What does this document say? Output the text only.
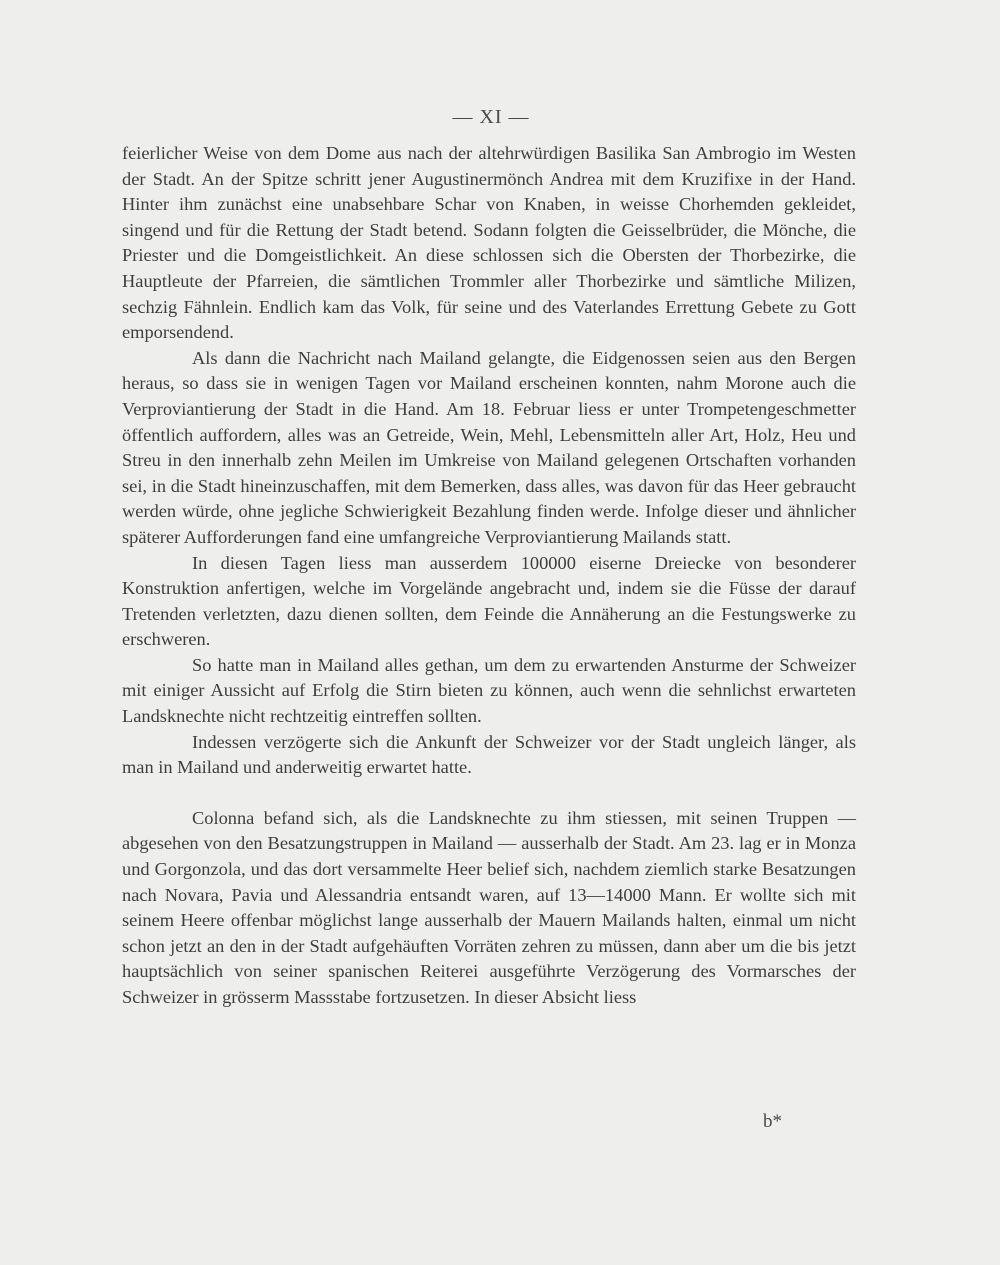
— XI —

feierlicher Weise von dem Dome aus nach der altehrwürdigen Basilika San Ambrogio im Westen der Stadt. An der Spitze schritt jener Augustinermönch Andrea mit dem Kruzifixe in der Hand. Hinter ihm zunächst eine unabsehbare Schar von Knaben, in weisse Chorhemden gekleidet, singend und für die Rettung der Stadt betend. Sodann folgten die Geisselbrüder, die Mönche, die Priester und die Domgeistlichkeit. An diese schlossen sich die Obersten der Thorbezirke, die Hauptleute der Pfarreien, die sämtlichen Trommler aller Thorbezirke und sämtliche Milizen, sechzig Fähnlein. Endlich kam das Volk, für seine und des Vaterlandes Errettung Gebete zu Gott emporsendend.

Als dann die Nachricht nach Mailand gelangte, die Eidgenossen seien aus den Bergen heraus, so dass sie in wenigen Tagen vor Mailand erscheinen konnten, nahm Morone auch die Verproviantierung der Stadt in die Hand. Am 18. Februar liess er unter Trompetengeschmetter öffentlich auffordern, alles was an Getreide, Wein, Mehl, Lebensmitteln aller Art, Holz, Heu und Streu in den innerhalb zehn Meilen im Umkreise von Mailand gelegenen Ortschaften vorhanden sei, in die Stadt hineinzuschaffen, mit dem Bemerken, dass alles, was davon für das Heer gebraucht werden würde, ohne jegliche Schwierigkeit Bezahlung finden werde. Infolge dieser und ähnlicher späterer Aufforderungen fand eine umfangreiche Verproviantierung Mailands statt.

In diesen Tagen liess man ausserdem 100000 eiserne Dreiecke von besonderer Konstruktion anfertigen, welche im Vorgelände angebracht und, indem sie die Füsse der darauf Tretenden verletzten, dazu dienen sollten, dem Feinde die Annäherung an die Festungswerke zu erschweren.

So hatte man in Mailand alles gethan, um dem zu erwartenden Ansturme der Schweizer mit einiger Aussicht auf Erfolg die Stirn bieten zu können, auch wenn die sehnlichst erwarteten Landsknechte nicht rechtzeitig eintreffen sollten.

Indessen verzögerte sich die Ankunft der Schweizer vor der Stadt ungleich länger, als man in Mailand und anderweitig erwartet hatte.

Colonna befand sich, als die Landsknechte zu ihm stiessen, mit seinen Truppen — abgesehen von den Besatzungstruppen in Mailand — ausserhalb der Stadt. Am 23. lag er in Monza und Gorgonzola, und das dort versammelte Heer belief sich, nachdem ziemlich starke Besatzungen nach Novara, Pavia und Alessandria entsandt waren, auf 13—14000 Mann. Er wollte sich mit seinem Heere offenbar möglichst lange ausserhalb der Mauern Mailands halten, einmal um nicht schon jetzt an den in der Stadt aufgehäuften Vorräten zehren zu müssen, dann aber um die bis jetzt hauptsächlich von seiner spanischen Reiterei ausgeführte Verzögerung des Vormarsches der Schweizer in grösserm Massstabe fortzusetzen. In dieser Absicht liess

b*
